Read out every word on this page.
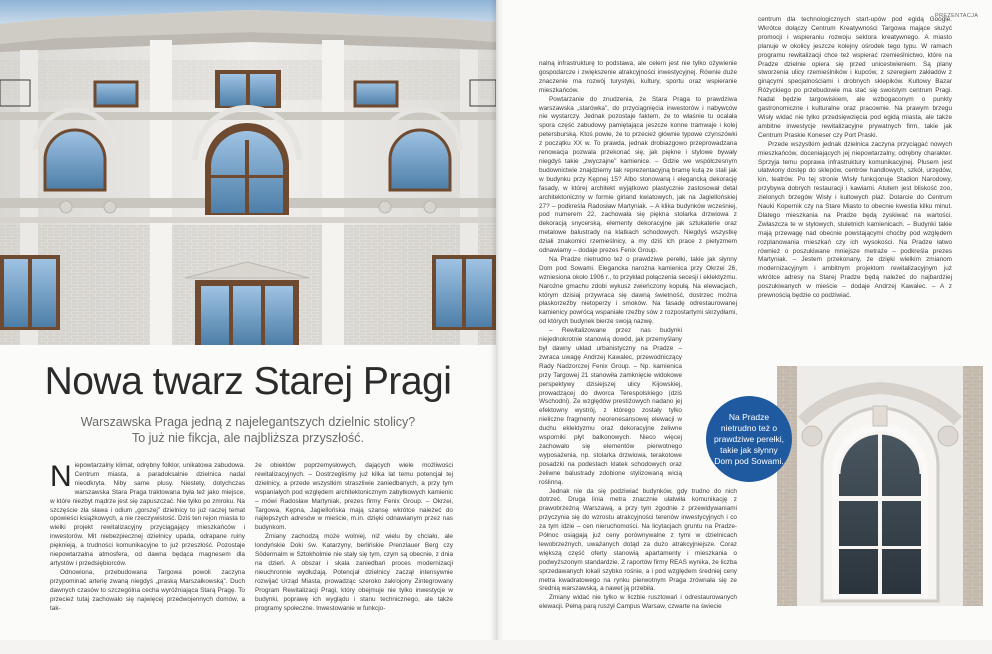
Nowa twarz Starej Pragi
Warszawska Praga jedną z najelegantszych dzielnic stolicy?
To już nie fikcja, ale najbliższa przyszłość.

Niepowtarzalny klimat, odrębny folklor, unikatowa zabudowa. Centrum miasta, a paradoksalnie dzielnica nadal nieodkryta. Niby same plusy. Niestety, dotychczas warszawska Stara Praga traktowana była też jako miejsce, w które niezbyt mądrze jest się zapuszczać. Nie tylko po zmroku. Na szczęście zła sława i odium „gorszej” dzielnicy to już raczej temat opowieści książkowych, a nie rzeczywistość. Dziś ten rejon miasta to wielki projekt rewitalizacyjny przyciągający mieszkańców i inwestorów. Mit niebezpiecznej dzielnicy upada, odrapane ruiny pięknieją, a trudności komunikacyjne to już przeszłość. Pozostaje niepowtarzalna atmosfera, od dawna będąca magnesem dla artystów i przedsiębiorców.

Odnowiona, przebudowana Targowa powoli zaczyna przypominać arterię zwaną niegdyś „praską Marszałkowską”. Duch dawnych czasów to szczególna cecha wyróżniająca Starą Pragę. To przecież tutaj zachowało się najwięcej przedwojennych domów, a tak-

że obiektów poprzemysłowych, dających wiele możliwości rewitalizacyjnych. – Dostrzegliśmy już kilka lat temu potencjał tej dzielnicy, a przede wszystkim straszliwie zaniedbanych, a przy tym wspaniałych pod względem architektonicznym zabytkowych kamienic – mówi Radosław Martyniak, prezes firmy Fenix Group. – Okrzei, Targowa, Kępna, Jagiellońska mają szansę wkrótce należeć do najlepszych adresów w mieście, m.in. dzięki odnawianym przez nas budynkom.

Zmiany zachodzą może wolniej, niż wielu by chciało, ale londyńskie Doki św. Katarzyny, berlińskie Prenzlauer Berg czy Södermalm w Sztokholmie nie stały się tym, czym są obecnie, z dnia na dzień. A obszar i skala zaniedbań proces modernizacji nieuchronnie wydłużają. Potencjał dzielnicy zaczął intensywnie rozwijać Urząd Miasta, prowadząc szeroko zakrojony Zintegrowany Program Rewitalizacji Pragi, który obejmuje nie tylko inwestycje w budynki, poprawę ich wyglądu i stanu technicznego, ale także programy społeczne. Inwestowanie w funkcjo-

nalną infrastrukturę to podstawa, ale celem jest nie tylko ożywienie gospodarcze i zwiększenie atrakcyjności inwestycyjnej. Równie duże znaczenie ma rozwój turystyki, kultury, sportu oraz wspieranie mieszkańców.

Powtarzanie do znudzenia, że Stara Praga to prawdziwa warszawska „starówka”, do przyciągnięcia inwestorów i nabywców nie wystarczy. Jednak pozostaje faktem, że to właśnie tu ocalała spora część zabudowy pamiętająca jeszcze konne tramwaje i kolej petersburską. Ktoś powie, że to przecież głównie typowe czynszówki z początku XX w. To prawda, jednak drobiazgowo przeprowadzana renowacja pozwala przekonać się, jak piękne i stylowe bywały niegdyś takie „zwyczajne” kamienice. – Gdzie we współczesnym budownictwie znajdziemy tak reprezentacyjną bramę kutą ze stali jak w budynku przy Kępnej 15? Albo stonowaną i elegancką dekorację fasady, w której architekt wyjątkowo plastycznie zastosował detal architektoniczny w formie girland kwiatowych, jak na Jagiellońskiej 27? – podkreśla Radosław Martyniak. – A klika budynków wcześniej, pod numerem 22, zachowała się piękna stolarka drzwiowa z dekoracją snycerską, elementy dekoracyjne jak sztukaterie oraz metalowe balustrady na klatkach schodowych. Niegdyś wszystkę działi znakomici rzemieślnicy, a my dziś ich prace z pietyzmem odnawiamy – dodaje prezes Fenix Group.

Na Pradze nietrudno też o prawdziwe perełki, takie jak słynny Dom pod Sowami. Elegancka narożna kamienica przy Okrzei 26, wzniesiona około 1906 r., to przykład połączenia secesji i eklektyzmu. Narożne gmachu zdobi wykusz zwieńczony kopułą. Na elewacjach, którym dzisiaj przywraca się dawną świetność, dostrzec można płaskorzeźby nietoperzy i smoków. Na fasadę odrestaurowanej kamienicy powrócą wspaniałe rzeźby sów z rozpostartymi skrzydłami, od których budynek bierze swoją nazwę.

– Rewitalizowane przez nas budynki niejednokrotnie stanowią dowód, jak przemyślany był dawny układ urbanistyczny na Pradze – zwraca uwagę Andrzej Kawalec, przewodniczący Rady Nadzorczej Fenix Group. – Np. kamienica przy Targowej 21 stanowiła zamknięcie widokowe perspektywy dzisiejszej ulicy Kijowskiej, prowadzącej do dworca Terespolskiego (dziś Wschodni). Ze względów prestiżowych nadano jej efektowny wystrój, z którego zostały tylko nieliczne fragmenty neorenesansowej elewacji w duchu eklektyzmu oraz dekoracyjne żeliwne wsporniki płyt balkonowych. Nieco więcej zachowało się elementów pierwotnego wyposażenia, np. stolarka drzwiowa, terakotowe posadzki na podestach klatek schodowych oraz żeliwne balustrady zdobione stylizowaną wicią roślinną.

Jednak nie da się podziwiać budynków, gdy trudno do nich dotrzeć. Druga linia metra znacznie ułatwiła komunikację z prawobrzeżną Warszawą, a przy tym zgodnie z przewidywaniami przyczynia się do wzrostu atrakcyjności terenów inwestycyjnych i co za tym idzie – cen nieruchomości. Na licytacjach gruntu na Pradze-Północ osiągają już ceny porównywalne z tymi w dzielnicach lewobrzeżnych, uważanych dotąd za dużo atrakcyjniejsze. Coraz większą część oferty stanowią apartamenty i mieszkania o podwyższonym standardzie. Z raportów firmy REAS wynika, że liczba sprzedawanych lokali szybko rośnie, a i pod względem średniej ceny metra kwadratowego na rynku pierwotnym Praga zrównała się ze średnią warszawską, a nawet ją przebiła.

Zmiany widać nie tylko w liczbie rusztowań i odrestaurowanych elewacji. Pełną parą ruszył Campus Warsaw, czwarte na świecie

centrum dla technologicznych start-upów pod egidą Google. Wkrótce dołączy Centrum Kreatywności Targowa mające służyć promocji i wspieraniu rozwoju sektora kreatywnego. A miasto planuje w okolicy jeszcze kolejny ośrodek tego typu. W ramach programu rewitalizacji chce też wspierać rzemieślnictwo, które na Pradze dzielnie opiera się przed unicestwieniem. Są plany stworzenia ulicy rzemieślników i kupców, z szeregiem zakładów z ginącymi specjalnościami i drobnych sklepików. Kultowy Bazar Różyckiego po przebudowie ma stać się swoistym centrum Pragi. Nadal będzie targowiskiem, ale wzbogaconym o punkty gastronomiczne i kulturalne oraz pracownie. Na prawym brzegu Wisły widać nie tylko przedsięwzięcia pod egidą miasta, ale także ambitne inwestycje rewitalizacyjne prywatnych firm, takie jak Centrum Praskie Koneser czy Port Praski.

Przede wszystkim jednak dzielnica zaczyna przyciągać nowych mieszkańców, doceniających jej niepowtarzalny, odrębny charakter. Sprzyja temu poprawa infrastruktury komunikacyjnej. Plusem jest ułatwiony dostęp do sklepów, centrów handlowych, szkół, urzędów, kin, teatrów. Po tej stronie Wisły funkcjonuje Stadion Narodowy, przybywa dobrych restauracji i kawiarni. Atutem jest bliskość zoo, zielonych brzegów Wisły i kultowych plaż. Dotarcie do Centrum Nauki Kopernik czy na Stare Miasto to obecnie kwestia kilku minut. Dlatego mieszkania na Pradze będą zyskiwać na wartości. Zwłaszcza te w stylowych, stuletnich kamienicach. – Budynki takie mają przewagę nad obecnie powstającymi choćby pod względem rozplanowania mieszkań czy ich wysokości. Na Pradze łatwo również o poszukiwane mniejsze metraże – podkreśla prezes Martyniak. – Jestem przekonany, że dzięki wielkim zmianom modernizacyjnym i ambitnym projektom rewitalizacyjnym już wkrótce adresy na Starej Pradze będą należeć do najbardziej poszukiwanych w mieście – dodaje Andrzej Kawalec. – A z prewnością będzie co podziwiać.

PREZENTACJA
Na Pradze nietrudno też o prawdziwe perełki, takie jak słynny Dom pod Sowami.
